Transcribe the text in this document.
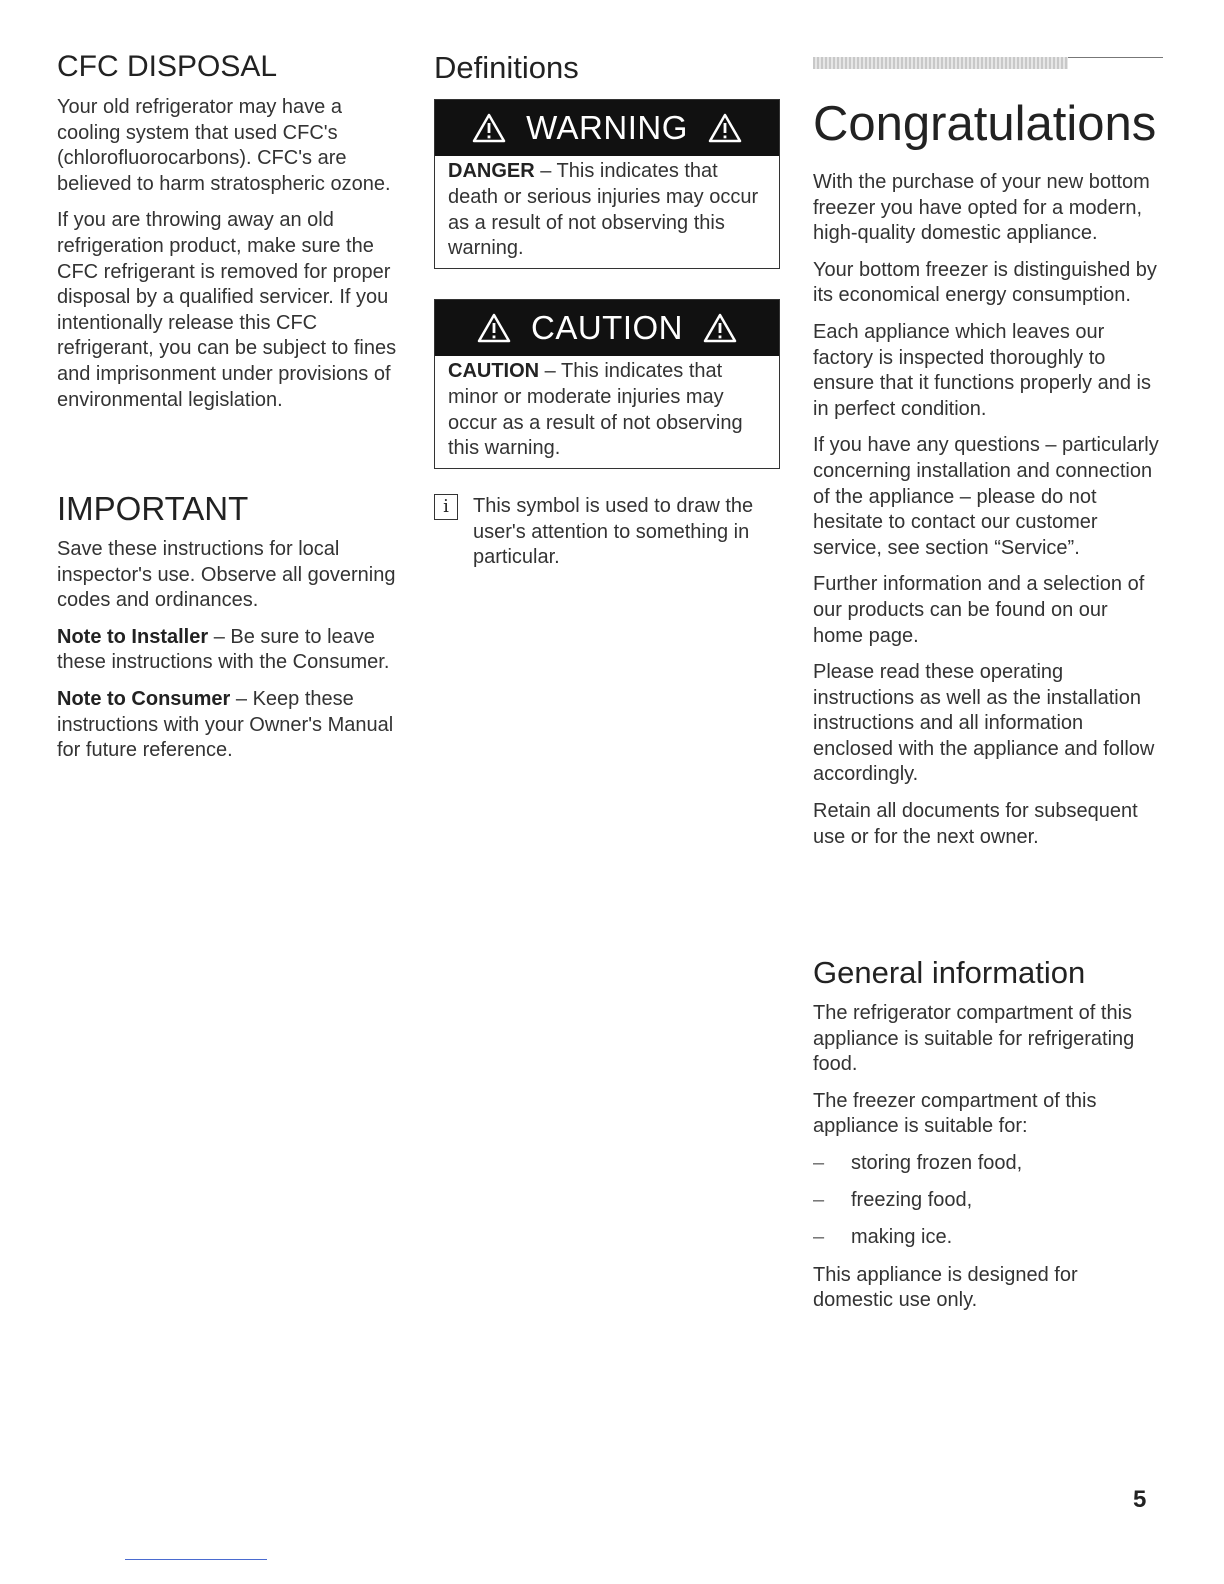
CFC DISPOSAL

Your old refrigerator may have a cooling system that used CFC's (chlorofluorocarbons). CFC's are believed to harm stratospheric ozone.

If you are throwing away an old refrigeration product, make sure the CFC refrigerant is removed for proper disposal by a qualified servicer. If you intentionally release this CFC refrigerant, you can be subject to fines and imprisonment under provisions of environmental legislation.

IMPORTANT

Save these instructions for local inspector's use. Observe all governing codes and ordinances.

Note to Installer – Be sure to leave these instructions with the Consumer.

Note to Consumer – Keep these instructions with your Owner's Manual for future reference.

Definitions
WARNING

DANGER – This indicates that death or serious injuries may occur as a result of not observing this warning.

CAUTION

CAUTION – This indicates that minor or moderate injuries may occur as a result of not observing this warning.

i	This symbol is used to draw the user's attention to something in particular.

Congratulations

With the purchase of your new bottom freezer you have opted for a modern, high-quality domestic appliance.

Your bottom freezer is distinguished by its economical energy consumption.

Each appliance which leaves our factory is inspected thoroughly to ensure that it functions properly and is in perfect condition.

If you have any questions – particularly concerning installation and connection of the appliance – please do not hesitate to contact our customer service, see section “Service”.

Further information and a selection of our products can be found on our home page.

Please read these operating instructions as well as the installation instructions and all information enclosed with the appliance and follow accordingly.

Retain all documents for subsequent use or for the next owner.

General information

The refrigerator compartment of this appliance is suitable for refrigerating food.

The freezer compartment of this appliance is suitable for:

– storing frozen food,
– freezing food,
– making ice.

This appliance is designed for domestic use only.

5
